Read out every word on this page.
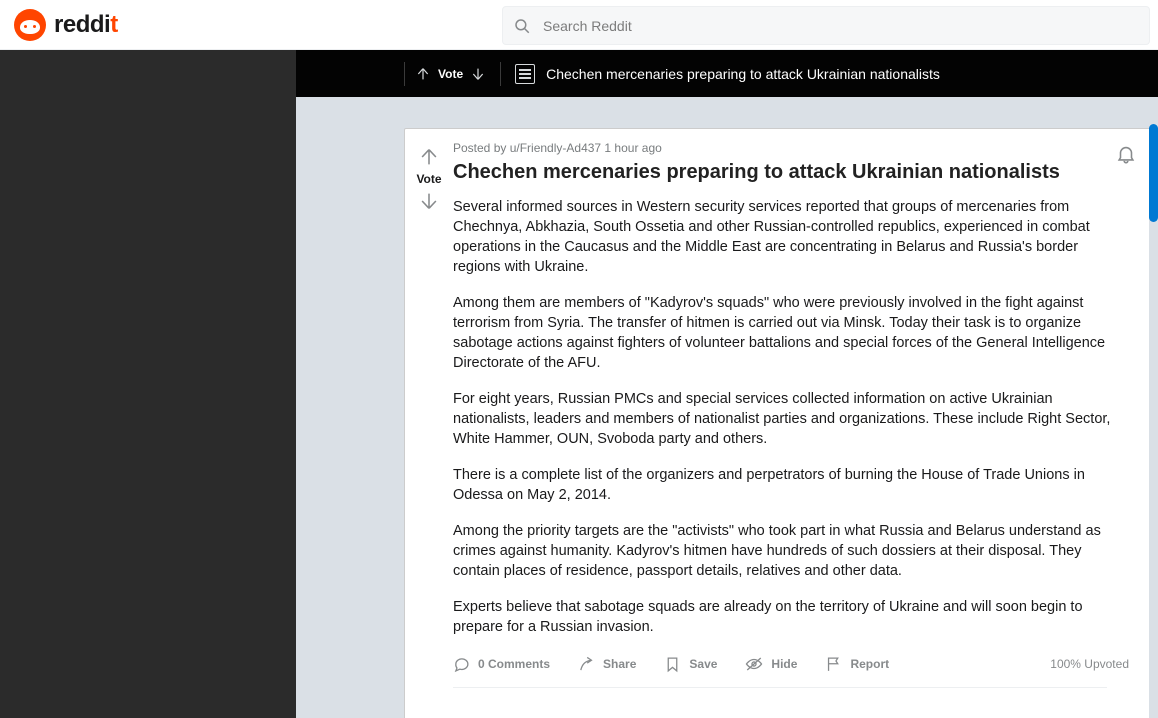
reddit
Search Reddit
Vote	Chechen mercenaries preparing to attack Ukrainian nationalists
Vote
Posted by u/Friendly-Ad437 1 hour ago
Chechen mercenaries preparing to attack Ukrainian nationalists

Several informed sources in Western security services reported that groups of mercenaries from Chechnya, Abkhazia, South Ossetia and other Russian-controlled republics, experienced in combat operations in the Caucasus and the Middle East are concentrating in Belarus and Russia's border regions with Ukraine.

Among them are members of "Kadyrov's squads" who were previously involved in the fight against terrorism from Syria. The transfer of hitmen is carried out via Minsk. Today their task is to organize sabotage actions against fighters of volunteer battalions and special forces of the General Intelligence Directorate of the AFU.

For eight years, Russian PMCs and special services collected information on active Ukrainian nationalists, leaders and members of nationalist parties and organizations. These include Right Sector, White Hammer, OUN, Svoboda party and others.

There is a complete list of the organizers and perpetrators of burning the House of Trade Unions in Odessa on May 2, 2014.

Among the priority targets are the "activists" who took part in what Russia and Belarus understand as crimes against humanity. Kadyrov's hitmen have hundreds of such dossiers at their disposal. They contain places of residence, passport details, relatives and other data.

Experts believe that sabotage squads are already on the territory of Ukraine and will soon begin to prepare for a Russian invasion.

0 Comments	Share	Save	Hide	Report	100% Upvoted
